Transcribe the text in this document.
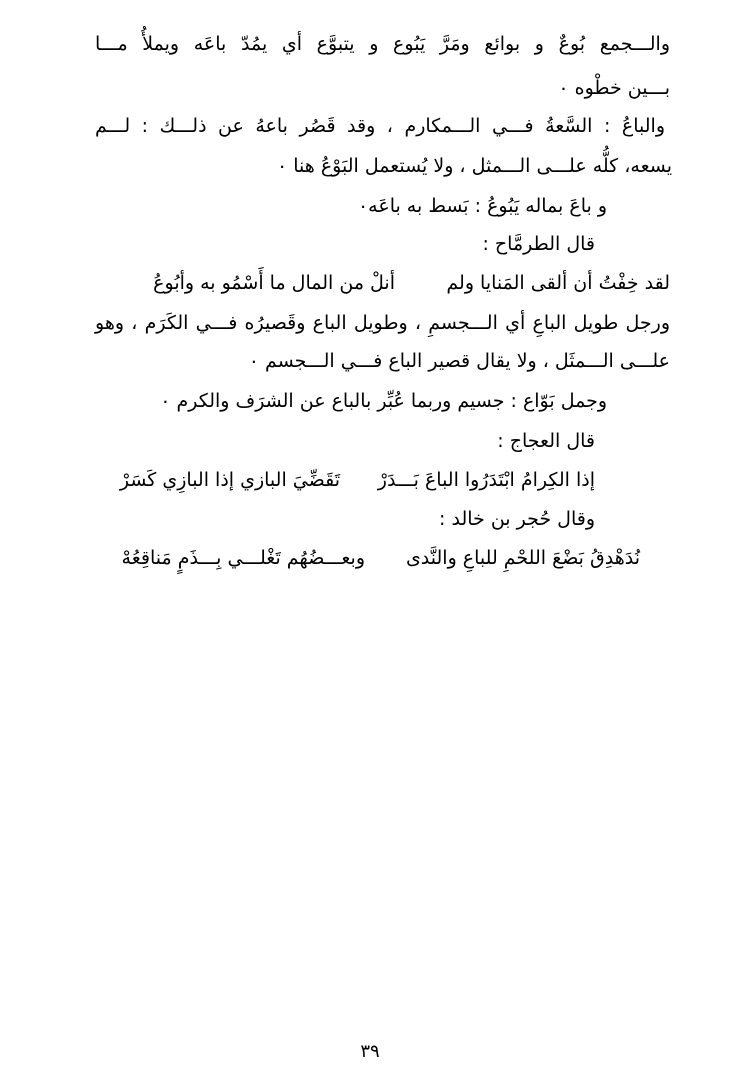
والـــجمع بُوعٌ و بوائع ومَرَّ يَبُوع و يتبوَّع أي يمُدّ باعَه ويملأُ مـــا
بـــين خطْوه ٠
والباعُ : السَّعةُ فـــي الـــمكارم ، وقد قَصُر باعهُ عن ذلـــك : لـــم
يسعه، كلُّه علـــى الـــمثل ، ولا يُستعمل البَوْعُ هنا ٠
و باعَ بماله يَبُوعُ : بَسط به باعَه٠
قال الطرمَّاح :
لقد خِفْتُ أن ألقى المَنايا ولم
أنلْ من المال ما أَسْمُو به وأبُوعُ
ورجل طويل الباعِ أي الـــجسمِ ، وطويل الباع وقَصيرُه فـــي الكَرَم ، وهو
علـــى الـــمثَل ، ولا يقال قصير الباع فـــي الـــجسم ٠
وجمل بَوّاع : جسيم وربما عُبِّر بالباع عن الشرَف والكرم ٠
قال العجاج :
إذا الكِرامُ ابْتَدَرُوا الباعَ بَـــدَرْ
تَقَضِّيَ البازي إذا البازِي كَسَرْ
وقال حُجر بن خالد :
نُدَهْدِقُ بَضْعَ اللحْمِ للباعِ والنَّدى
وبعـــضُهُم تَغْلـــي بِـــذَمٍ مَناقِعُهْ
٣٩
